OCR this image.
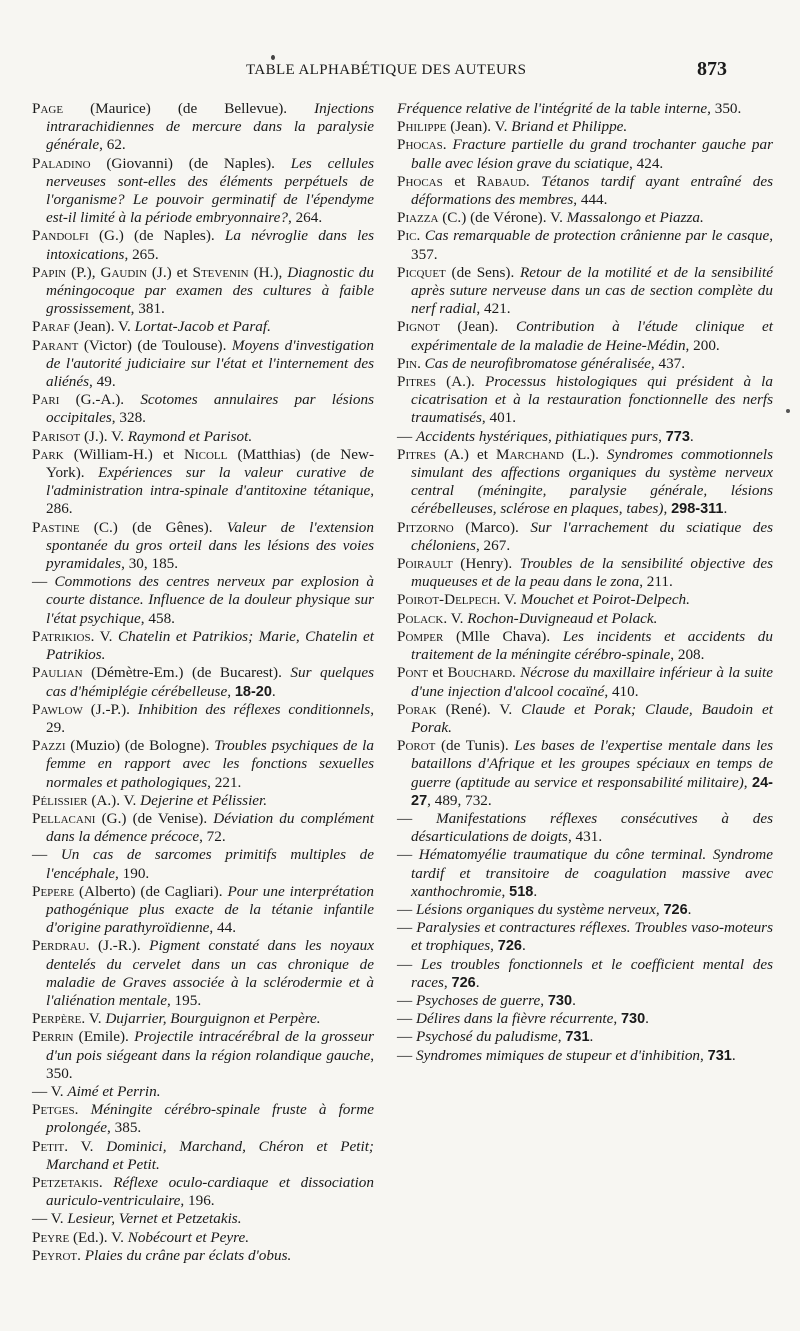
TABLE ALPHABÉTIQUE DES AUTEURS	873

Page (Maurice) (de Bellevue). Injections intrarachidiennes de mercure dans la paralysie générale, 62.

Paladino (Giovanni) (de Naples). Les cellules nerveuses sont-elles des éléments perpétuels de l'organisme? Le pouvoir germinatif de l'épendyme est-il limité à la période embryonnaire?, 264.

Pandolfi (G.) (de Naples). La névroglie dans les intoxications, 265.

Papin (P.), Gaudin (J.) et Stevenin (H.), Diagnostic du méningocoque par examen des cultures à faible grossissement, 381.

Paraf (Jean). V. Lortat-Jacob et Paraf.

Parant (Victor) (de Toulouse). Moyens d'investigation de l'autorité judiciaire sur l'état et l'internement des aliénés, 49.

Pari (G.-A.). Scotomes annulaires par lésions occipitales, 328.

Parisot (J.). V. Raymond et Parisot.

Park (William-H.) et Nicoll (Matthias) (de New-York). Expériences sur la valeur curative de l'administration intra-spinale d'antitoxine tétanique, 286.

Pastine (C.) (de Gênes). Valeur de l'extension spontanée du gros orteil dans les lésions des voies pyramidales, 30, 185.

— Commotions des centres nerveux par explosion à courte distance. Influence de la douleur physique sur l'état psychique, 458.

Patrikios. V. Chatelin et Patrikios; Marie, Chatelin et Patrikios.

Paulian (Démètre-Em.) (de Bucarest). Sur quelques cas d'hémiplégie cérébelleuse, 18-20.

Pawlow (J.-P.). Inhibition des réflexes conditionnels, 29.

Pazzi (Muzio) (de Bologne). Troubles psychiques de la femme en rapport avec les fonctions sexuelles normales et pathologiques, 221.

Pélissier (A.). V. Dejerine et Pélissier.

Pellacani (G.) (de Venise). Déviation du complément dans la démence précoce, 72.

— Un cas de sarcomes primitifs multiples de l'encéphale, 190.

Pepere (Alberto) (de Cagliari). Pour une interprétation pathogénique plus exacte de la tétanie infantile d'origine parathyroïdienne, 44.

Perdrau. (J.-R.). Pigment constaté dans les noyaux dentelés du cervelet dans un cas chronique de maladie de Graves associée à la sclérodermie et à l'aliénation mentale, 195.

Perpère. V. Dujarrier, Bourguignon et Perpère.

Perrin (Emile). Projectile intracérébral de la grosseur d'un pois siégeant dans la région rolandique gauche, 350.

— V. Aimé et Perrin.

Petges. Méningite cérébro-spinale fruste à forme prolongée, 385.

Petit. V. Dominici, Marchand, Chéron et Petit; Marchand et Petit.

Petzetakis. Réflexe oculo-cardiaque et dissociation auriculo-ventriculaire, 196.

— V. Lesieur, Vernet et Petzetakis.

Peyre (Ed.). V. Nobécourt et Peyre.

Peyrot. Plaies du crâne par éclats d'obus.

Fréquence relative de l'intégrité de la table interne, 350.

Philippe (Jean). V. Briand et Philippe.

Phocas. Fracture partielle du grand trochanter gauche par balle avec lésion grave du sciatique, 424.

Phocas et Rabaud. Tétanos tardif ayant entraîné des déformations des membres, 444.

Piazza (C.) (de Vérone). V. Massalongo et Piazza.

Pic. Cas remarquable de protection crânienne par le casque, 357.

Picquet (de Sens). Retour de la motilité et de la sensibilité après suture nerveuse dans un cas de section complète du nerf radial, 421.

Pignot (Jean). Contribution à l'étude clinique et expérimentale de la maladie de Heine-Médin, 200.

Pin. Cas de neurofibromatose généralisée, 437.

Pitres (A.). Processus histologiques qui président à la cicatrisation et à la restauration fonctionnelle des nerfs traumatisés, 401.

— Accidents hystériques, pithiatiques purs, 773.

Pitres (A.) et Marchand (L.). Syndromes commotionnels simulant des affections organiques du système nerveux central (méningite, paralysie générale, lésions cérébelleuses, sclérose en plaques, tabes), 298-311.

Pitzorno (Marco). Sur l'arrachement du sciatique des chéloniens, 267.

Poirault (Henry). Troubles de la sensibilité objective des muqueuses et de la peau dans le zona, 211.

Poirot-Delpech. V. Mouchet et Poirot-Delpech.

Polack. V. Rochon-Duvigneaud et Polack.

Pomper (Mlle Chava). Les incidents et accidents du traitement de la méningite cérébro-spinale, 208.

Pont et Bouchard. Nécrose du maxillaire inférieur à la suite d'une injection d'alcool cocaïné, 410.

Porak (René). V. Claude et Porak; Claude, Baudoin et Porak.

Porot (de Tunis). Les bases de l'expertise mentale dans les bataillons d'Afrique et les groupes spéciaux en temps de guerre (aptitude au service et responsabilité militaire), 24-27, 489, 732.

— Manifestations réflexes consécutives à des désarticulations de doigts, 431.

— Hématomyélie traumatique du cône terminal. Syndrome tardif et transitoire de coagulation massive avec xanthochromie, 518.

— Lésions organiques du système nerveux, 726.

— Paralysies et contractures réflexes. Troubles vaso-moteurs et trophiques, 726.

— Les troubles fonctionnels et le coefficient mental des races, 726.

— Psychoses de guerre, 730.

— Délires dans la fièvre récurrente, 730.

— Psychosé du paludisme, 731.

— Syndromes mimiques de stupeur et d'inhibition, 731.
